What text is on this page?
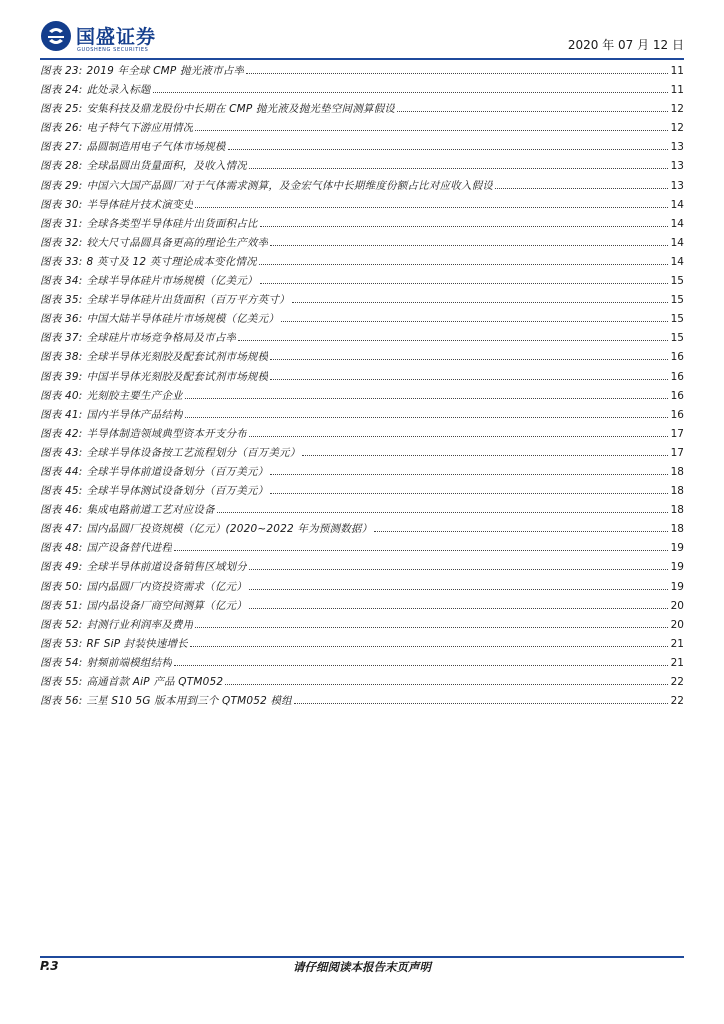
国盛证券
GUOSHENG SECURITIES	2020 年 07 月 12 日
图表 23: 2019 年全球 CMP 抛光液市占率	11
图表 24: 此处录入标题	11
图表 25: 安集科技及鼎龙股份中长期在 CMP 抛光液及抛光垫空间测算假设	12
图表 26: 电子特气下游应用情况	12
图表 27: 晶圆制造用电子气体市场规模	13
图表 28: 全球晶圆出货量面积，及收入情况	13
图表 29: 中国六大国产晶圆厂对于气体需求测算，及金宏气体中长期维度份额占比对应收入假设	13
图表 30: 半导体硅片技术演变史	14
图表 31: 全球各类型半导体硅片出货面积占比	14
图表 32: 较大尺寸晶圆具备更高的理论生产效率	14
图表 33: 8 英寸及 12 英寸理论成本变化情况	14
图表 34: 全球半导体硅片市场规模（亿美元）	15
图表 35: 全球半导体硅片出货面积（百万平方英寸）	15
图表 36: 中国大陆半导体硅片市场规模（亿美元）	15
图表 37: 全球硅片市场竞争格局及市占率	15
图表 38: 全球半导体光刻胶及配套试剂市场规模	16
图表 39: 中国半导体光刻胶及配套试剂市场规模	16
图表 40: 光刻胶主要生产企业	16
图表 41: 国内半导体产品结构	16
图表 42: 半导体制造领域典型资本开支分布	17
图表 43: 全球半导体设备按工艺流程划分（百万美元）	17
图表 44: 全球半导体前道设备划分（百万美元）	18
图表 45: 全球半导体测试设备划分（百万美元）	18
图表 46: 集成电路前道工艺对应设备	18
图表 47: 国内晶圆厂投资规模（亿元）(2020~2022 年为预测数据）	18
图表 48: 国产设备替代进程	19
图表 49: 全球半导体前道设备销售区域划分	19
图表 50: 国内晶圆厂内资投资需求（亿元）	19
图表 51: 国内晶设备厂商空间测算（亿元）	20
图表 52: 封测行业利润率及费用	20
图表 53: RF SiP 封装快速增长	21
图表 54: 射频前端模组结构	21
图表 55: 高通首款 AiP 产品 QTM052	22
图表 56: 三星 S10 5G 版本用到三个 QTM052 模组	22
请仔细阅读本报告末页声明
P.3
